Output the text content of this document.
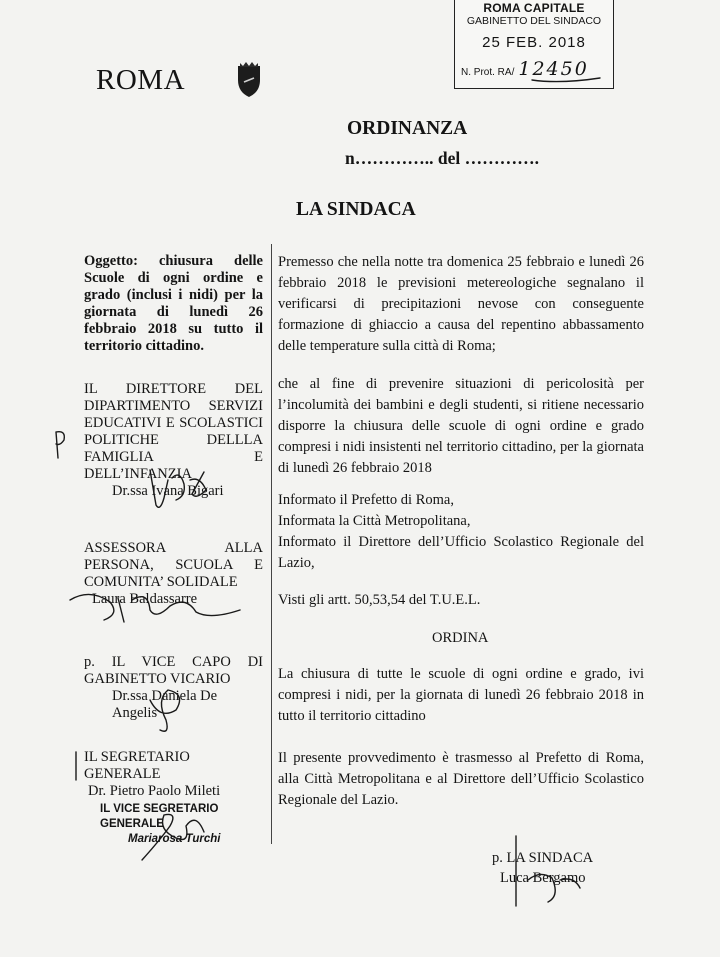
ROMA CAPITALE
GABINETTO DEL SINDACO
25 FEB. 2018
N. Prot. RA/ 12450
ROMA
ORDINANZA
n………….. del ………….
LA SINDACA
Oggetto: chiusura delle Scuole di ogni ordine e grado (inclusi i nidi) per la giornata di lunedì 26 febbraio 2018 su tutto il territorio cittadino.
IL DIRETTORE DEL DIPARTIMENTO SERVIZI EDUCATIVI E SCOLASTICI POLITICHE DELLLA FAMIGLIA E DELL’INFANZIA
Dr.ssa Ivana Bigari
ASSESSORA ALLA PERSONA, SCUOLA E COMUNITA’ SOLIDALE
Laura Baldassarre
p. IL VICE CAPO DI GABINETTO VICARIO
Dr.ssa Daniela De Angelis
IL SEGRETARIO GENERALE
Dr. Pietro Paolo Mileti
IL VICE SEGRETARIO GENERALE
Mariarosa Turchi
Premesso che nella notte tra domenica 25 febbraio e lunedì 26 febbraio 2018 le previsioni metereologiche segnalano il verificarsi di precipitazioni nevose con conseguente formazione di ghiaccio a causa del repentino abbassamento delle temperature sulla città di Roma;
che al fine di prevenire situazioni di pericolosità per l’incolumità dei bambini e degli studenti, si ritiene necessario disporre la chiusura delle scuole di ogni ordine e grado compresi i nidi insistenti nel territorio cittadino, per la giornata di lunedì 26 febbraio 2018
Informato il Prefetto di Roma,
Informata la Città Metropolitana,
Informato il Direttore dell’Ufficio Scolastico Regionale del Lazio,
Visti gli artt. 50,53,54 del T.U.E.L.
ORDINA
La chiusura di tutte le scuole di ogni ordine e grado, ivi compresi i nidi, per la giornata di lunedì 26 febbraio 2018 in tutto il territorio cittadino
Il presente provvedimento è trasmesso al Prefetto di Roma, alla Città Metropolitana e al Direttore dell’Ufficio Scolastico Regionale del Lazio.
p. LA SINDACA
Luca Bergamo
